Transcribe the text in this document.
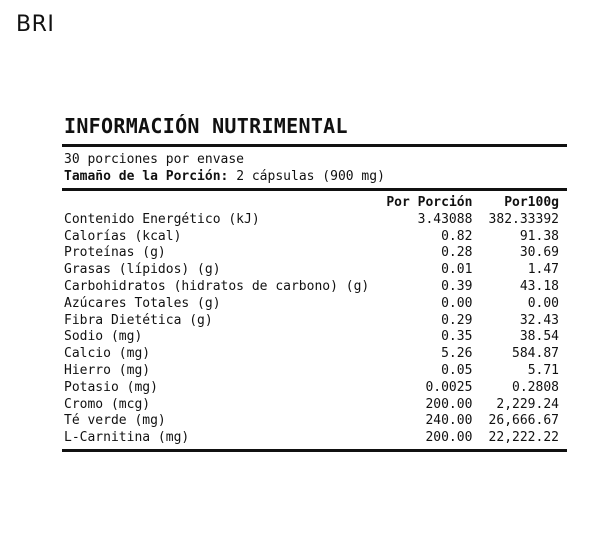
BRI
INFORMACIÓN NUTRIMENTAL
30 porciones por envase
Tamaño de la Porción: 2 cápsulas (900 mg)
	Por Porción	Por100g
Contenido Energético (kJ)	3.43088	382.33392
Calorías (kcal)	0.82	91.38
Proteínas (g)	0.28	30.69
Grasas (lípidos) (g)	0.01	1.47
Carbohidratos (hidratos de carbono) (g)	0.39	43.18
Azúcares Totales (g)	0.00	0.00
Fibra Dietética (g)	0.29	32.43
Sodio (mg)	0.35	38.54
Calcio (mg)	5.26	584.87
Hierro (mg)	0.05	5.71
Potasio (mg)	0.0025	0.2808
Cromo (mcg)	200.00	2,229.24
Té verde (mg)	240.00	26,666.67
L-Carnitina (mg)	200.00	22,222.22
